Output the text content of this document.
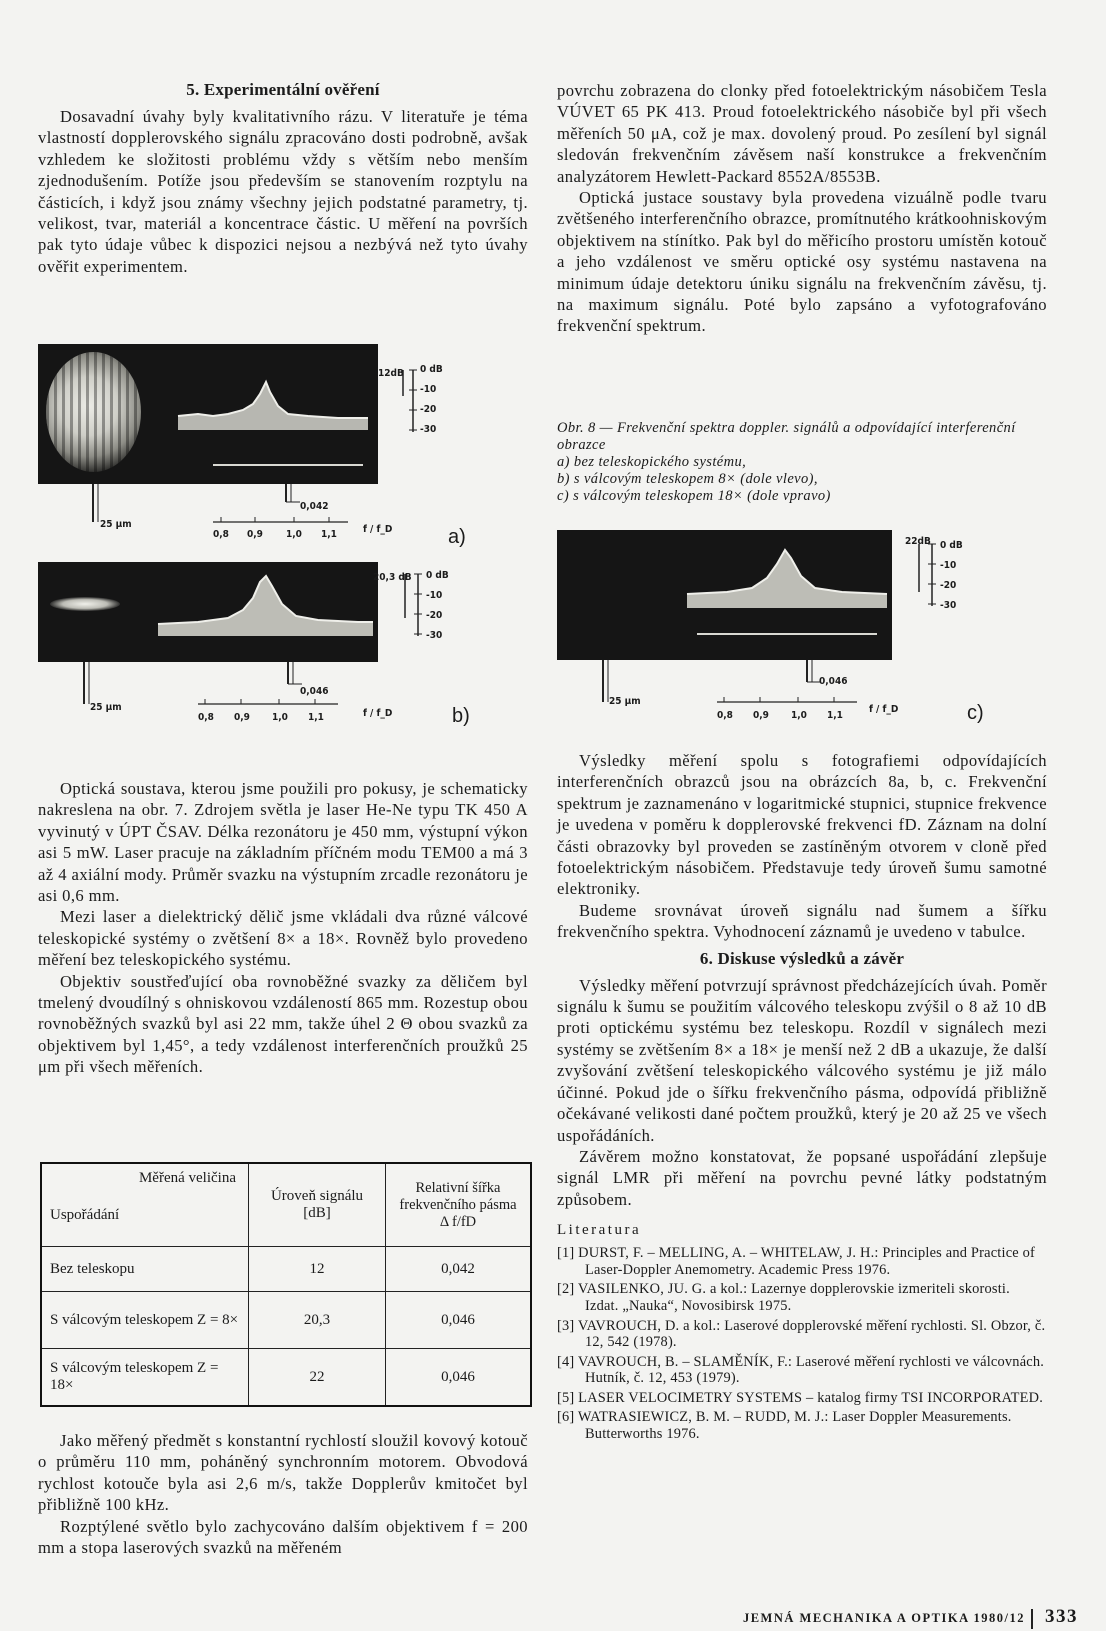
5. Experimentální ověření

Dosavadní úvahy byly kvalitativního rázu. V literatuře je téma vlastností dopplerovského signálu zpracováno dosti podrobně, avšak vzhledem ke složitosti problému vždy s větším nebo menším zjednodušením. Potíže jsou především se stanovením rozptylu na částicích, i když jsou známy všechny jejich podstatné parametry, tj. velikost, tvar, materiál a koncentrace částic. U měření na površích pak tyto údaje vůbec k dispozici nejsou a nezbývá než tyto úvahy ověřit experimentem.

12dB 0 dB
-10
-20
-30
25 μm
0,042
0,8 0,9 1,0 1,1	f / f_D	a)
20,3 dB 0 dB
-10
-20
-30
25 μm
0,046
0,8 0,9 1,0 1,1	f / f_D	b)

Optická soustava, kterou jsme použili pro pokusy, je schematicky nakreslena na obr. 7. Zdrojem světla je laser He-Ne typu TK 450 A vyvinutý v ÚPT ČSAV. Délka rezonátoru je 450 mm, výstupní výkon asi 5 mW. Laser pracuje na základním příčném modu TEM00 a má 3 až 4 axiální mody. Průměr svazku na výstupním zrcadle rezonátoru je asi 0,6 mm.

Mezi laser a dielektrický dělič jsme vkládali dva různé válcové teleskopické systémy o zvětšení 8× a 18×. Rovněž bylo provedeno měření bez teleskopického systému.

Objektiv soustřeďující oba rovnoběžné svazky za děličem byl tmelený dvoudílný s ohniskovou vzdáleností 865 mm. Rozestup obou rovnoběžných svazků byl asi 22 mm, takže úhel 2 Θ obou svazků za objektivem byl 1,45°, a tedy vzdálenost interferenčních proužků 25 μm při všech měřeních.

Měřená veličina
Uspořádání	Úroveň signálu [dB]	Relativní šířka frekvenčního pásma Δ f/fD
Bez teleskopu	12	0,042
S válcovým teleskopem Z = 8×	20,3	0,046
S válcovým teleskopem Z = 18×	22	0,046

Jako měřený předmět s konstantní rychlostí sloužil kovový kotouč o průměru 110 mm, poháněný synchronním motorem. Obvodová rychlost kotouče byla asi 2,6 m/s, takže Dopplerův kmitočet byl přibližně 100 kHz.

Rozptýlené světlo bylo zachycováno dalším objektivem f = 200 mm a stopa laserových svazků na měřeném

povrchu zobrazena do clonky před fotoelektrickým násobičem Tesla VÚVET 65 PK 413. Proud fotoelektrického násobiče byl při všech měřeních 50 μA, což je max. dovolený proud. Po zesílení byl signál sledován frekvenčním závěsem naší konstrukce a frekvenčním analyzátorem Hewlett-Packard 8552A/8553B.

Optická justace soustavy byla provedena vizuálně podle tvaru zvětšeného interferenčního obrazce, promítnutého krátkoohniskovým objektivem na stínítko. Pak byl do měřicího prostoru umístěn kotouč a jeho vzdálenost ve směru optické osy systému nastavena na minimum údaje detektoru úniku signálu na frekvenčním závěsu, tj. na maximum signálu. Poté bylo zapsáno a vyfotografováno frekvenční spektrum.

Obr. 8 — Frekvenční spektra doppler. signálů a odpovídající interferenční obrazce

a) bez teleskopického systému,

b) s válcovým teleskopem 8× (dole vlevo),

c) s válcovým teleskopem 18× (dole vpravo)

22dB 0 dB
-10
-20
-30
25 μm
0,046
0,8 0,9 1,0 1,1
f / f_D	c)

Výsledky měření spolu s fotografiemi odpovídajících interferenčních obrazců jsou na obrázcích 8a, b, c. Frekvenční spektrum je zaznamenáno v logaritmické stupnici, stupnice frekvence je uvedena v poměru k dopplerovské frekvenci fD. Záznam na dolní části obrazovky byl proveden se zastíněným otvorem v cloně před fotoelektrickým násobičem. Představuje tedy úroveň šumu samotné elektroniky.

Budeme srovnávat úroveň signálu nad šumem a šířku frekvenčního spektra. Vyhodnocení záznamů je uvedeno v tabulce.

6. Diskuse výsledků a závěr

Výsledky měření potvrzují správnost předcházejících úvah. Poměr signálu k šumu se použitím válcového teleskopu zvýšil o 8 až 10 dB proti optickému systému bez teleskopu. Rozdíl v signálech mezi systémy se zvětšením 8× a 18× je menší než 2 dB a ukazuje, že další zvyšování zvětšení teleskopického válcového systému je již málo účinné. Pokud jde o šířku frekvenčního pásma, odpovídá přibližně očekávané velikosti dané počtem proužků, který je 20 až 25 ve všech uspořádáních.

Závěrem možno konstatovat, že popsané uspořádání zlepšuje signál LMR při měření na povrchu pevné látky podstatným způsobem.

Literatura
[1] DURST, F. – MELLING, A. – WHITELAW, J. H.: Principles and Practice of Laser-Doppler Anemometry. Academic Press 1976.
[2] VASILENKO, JU. G. a kol.: Lazernye dopplerovskie izmeriteli skorosti. Izdat. „Nauka“, Novosibirsk 1975.
[3] VAVROUCH, D. a kol.: Laserové dopplerovské měření rychlosti. Sl. Obzor, č. 12, 542 (1978).
[4] VAVROUCH, B. – SLAMĚNÍK, F.: Laserové měření rychlosti ve válcovnách. Hutník, č. 12, 453 (1979).
[5] LASER VELOCIMETRY SYSTEMS – katalog firmy TSI INCORPORATED.
[6] WATRASIEWICZ, B. M. – RUDD, M. J.: Laser Doppler Measurements. Butterworths 1976.
JEMNÁ MECHANIKA A OPTIKA 1980/12 333
